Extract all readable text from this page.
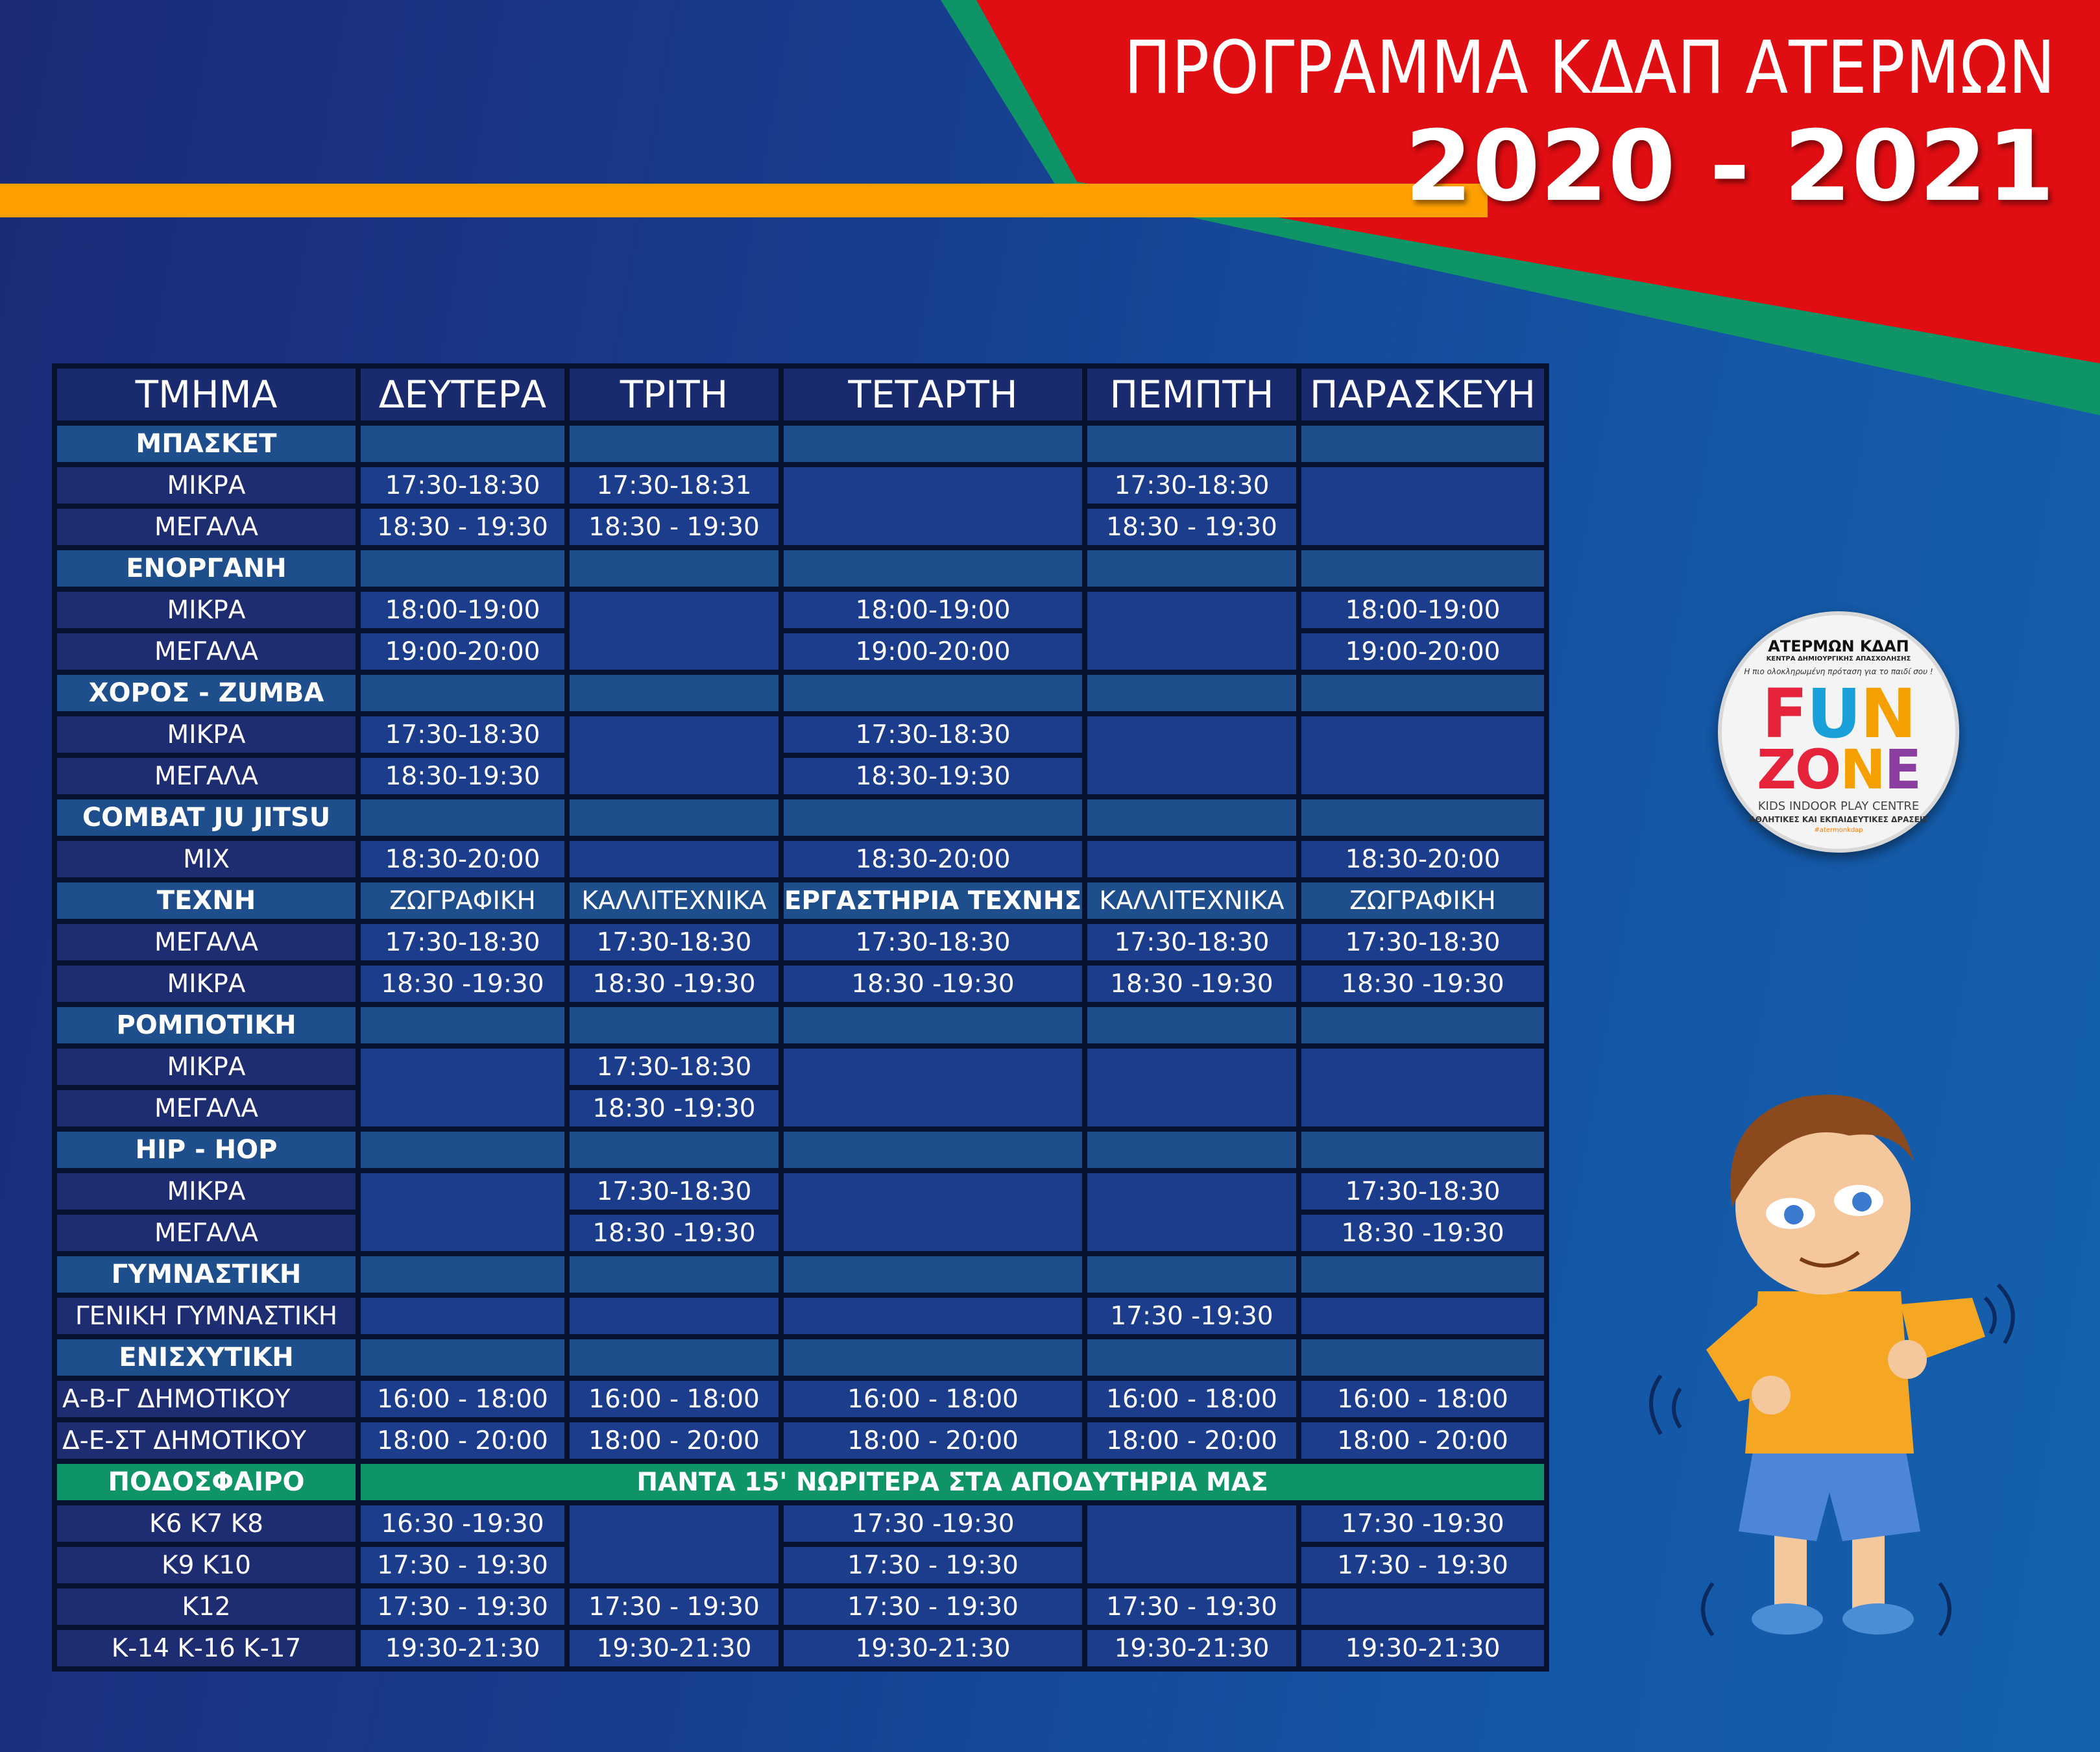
ΠΡΟΓΡΑΜΜΑ ΚΔΑΠ ΑΤΕΡΜΩΝ
2020 - 2021
ΤΜΗΜΑ	ΔΕΥΤΕΡΑ	ΤΡΙΤΗ	ΤΕΤΑΡΤΗ	ΠΕΜΠΤΗ	ΠΑΡΑΣΚΕΥΗ
ΜΠΑΣΚΕΤ					
ΜΙΚΡΑ	17:30-18:30	17:30-18:31		17:30-18:30	
ΜΕΓΑΛΑ	18:30 - 19:30	18:30 - 19:30		18:30 - 19:30	
ΕΝΟΡΓΑΝΗ					
ΜΙΚΡΑ	18:00-19:00		18:00-19:00		18:00-19:00
ΜΕΓΑΛΑ	19:00-20:00		19:00-20:00		19:00-20:00
ΧΟΡΟΣ - ZUMBA					
ΜΙΚΡΑ	17:30-18:30		17:30-18:30		
ΜΕΓΑΛΑ	18:30-19:30		18:30-19:30		
COMBAT JU JITSU					
MIX	18:30-20:00		18:30-20:00		18:30-20:00
ΤΕΧΝΗ	ΖΩΓΡΑΦΙΚΗ	ΚΑΛΛΙΤΕΧΝΙΚΑ	ΕΡΓΑΣΤΗΡΙΑ ΤΕΧΝΗΣ	ΚΑΛΛΙΤΕΧΝΙΚΑ	ΖΩΓΡΑΦΙΚΗ
ΜΕΓΑΛΑ	17:30-18:30	17:30-18:30	17:30-18:30	17:30-18:30	17:30-18:30
ΜΙΚΡΑ	18:30 -19:30	18:30 -19:30	18:30 -19:30	18:30 -19:30	18:30 -19:30
ΡΟΜΠΟΤΙΚΗ					
ΜΙΚΡΑ		17:30-18:30			
ΜΕΓΑΛΑ		18:30 -19:30			
HIP - HOP					
ΜΙΚΡΑ		17:30-18:30			17:30-18:30
ΜΕΓΑΛΑ		18:30 -19:30			18:30 -19:30
ΓΥΜΝΑΣΤΙΚΗ					
ΓΕΝΙΚΗ ΓΥΜΝΑΣΤΙΚΗ				17:30 -19:30	
ΕΝΙΣΧΥΤΙΚΗ					
Α-Β-Γ ΔΗΜΟΤΙΚΟΥ	16:00 - 18:00	16:00 - 18:00	16:00 - 18:00	16:00 - 18:00	16:00 - 18:00
Δ-Ε-ΣΤ ΔΗΜΟΤΙΚΟΥ	18:00 - 20:00	18:00 - 20:00	18:00 - 20:00	18:00 - 20:00	18:00 - 20:00
ΠΟΔΟΣΦΑΙΡΟ	ΠΑΝΤΑ 15' ΝΩΡΙΤΕΡΑ ΣΤΑ ΑΠΟΔΥΤΗΡΙΑ ΜΑΣ				
Κ6 Κ7 Κ8	16:30 -19:30		17:30 -19:30		17:30 -19:30
Κ9 Κ10	17:30 - 19:30		17:30 - 19:30		17:30 - 19:30
Κ12	17:30 - 19:30	17:30 - 19:30	17:30 - 19:30	17:30 - 19:30	
Κ-14 Κ-16 Κ-17	19:30-21:30	19:30-21:30	19:30-21:30	19:30-21:30	19:30-21:30
ΑΤΕΡΜΩΝ ΚΔΑΠ
ΚΕΝΤΡΑ ΔΗΜΙΟΥΡΓΙΚΗΣ ΑΠΑΣΧΟΛΗΣΗΣ
Η πιο ολοκληρωμένη πρόταση για το παιδί σου !
FUN
ZONE
KIDS INDOOR PLAY CENTRE
ΑΘΛΗΤΙΚΕΣ ΚΑΙ ΕΚΠΑΙΔΕΥΤΙΚΕΣ ΔΡΑΣΕΙΣ
#atermonkdap
